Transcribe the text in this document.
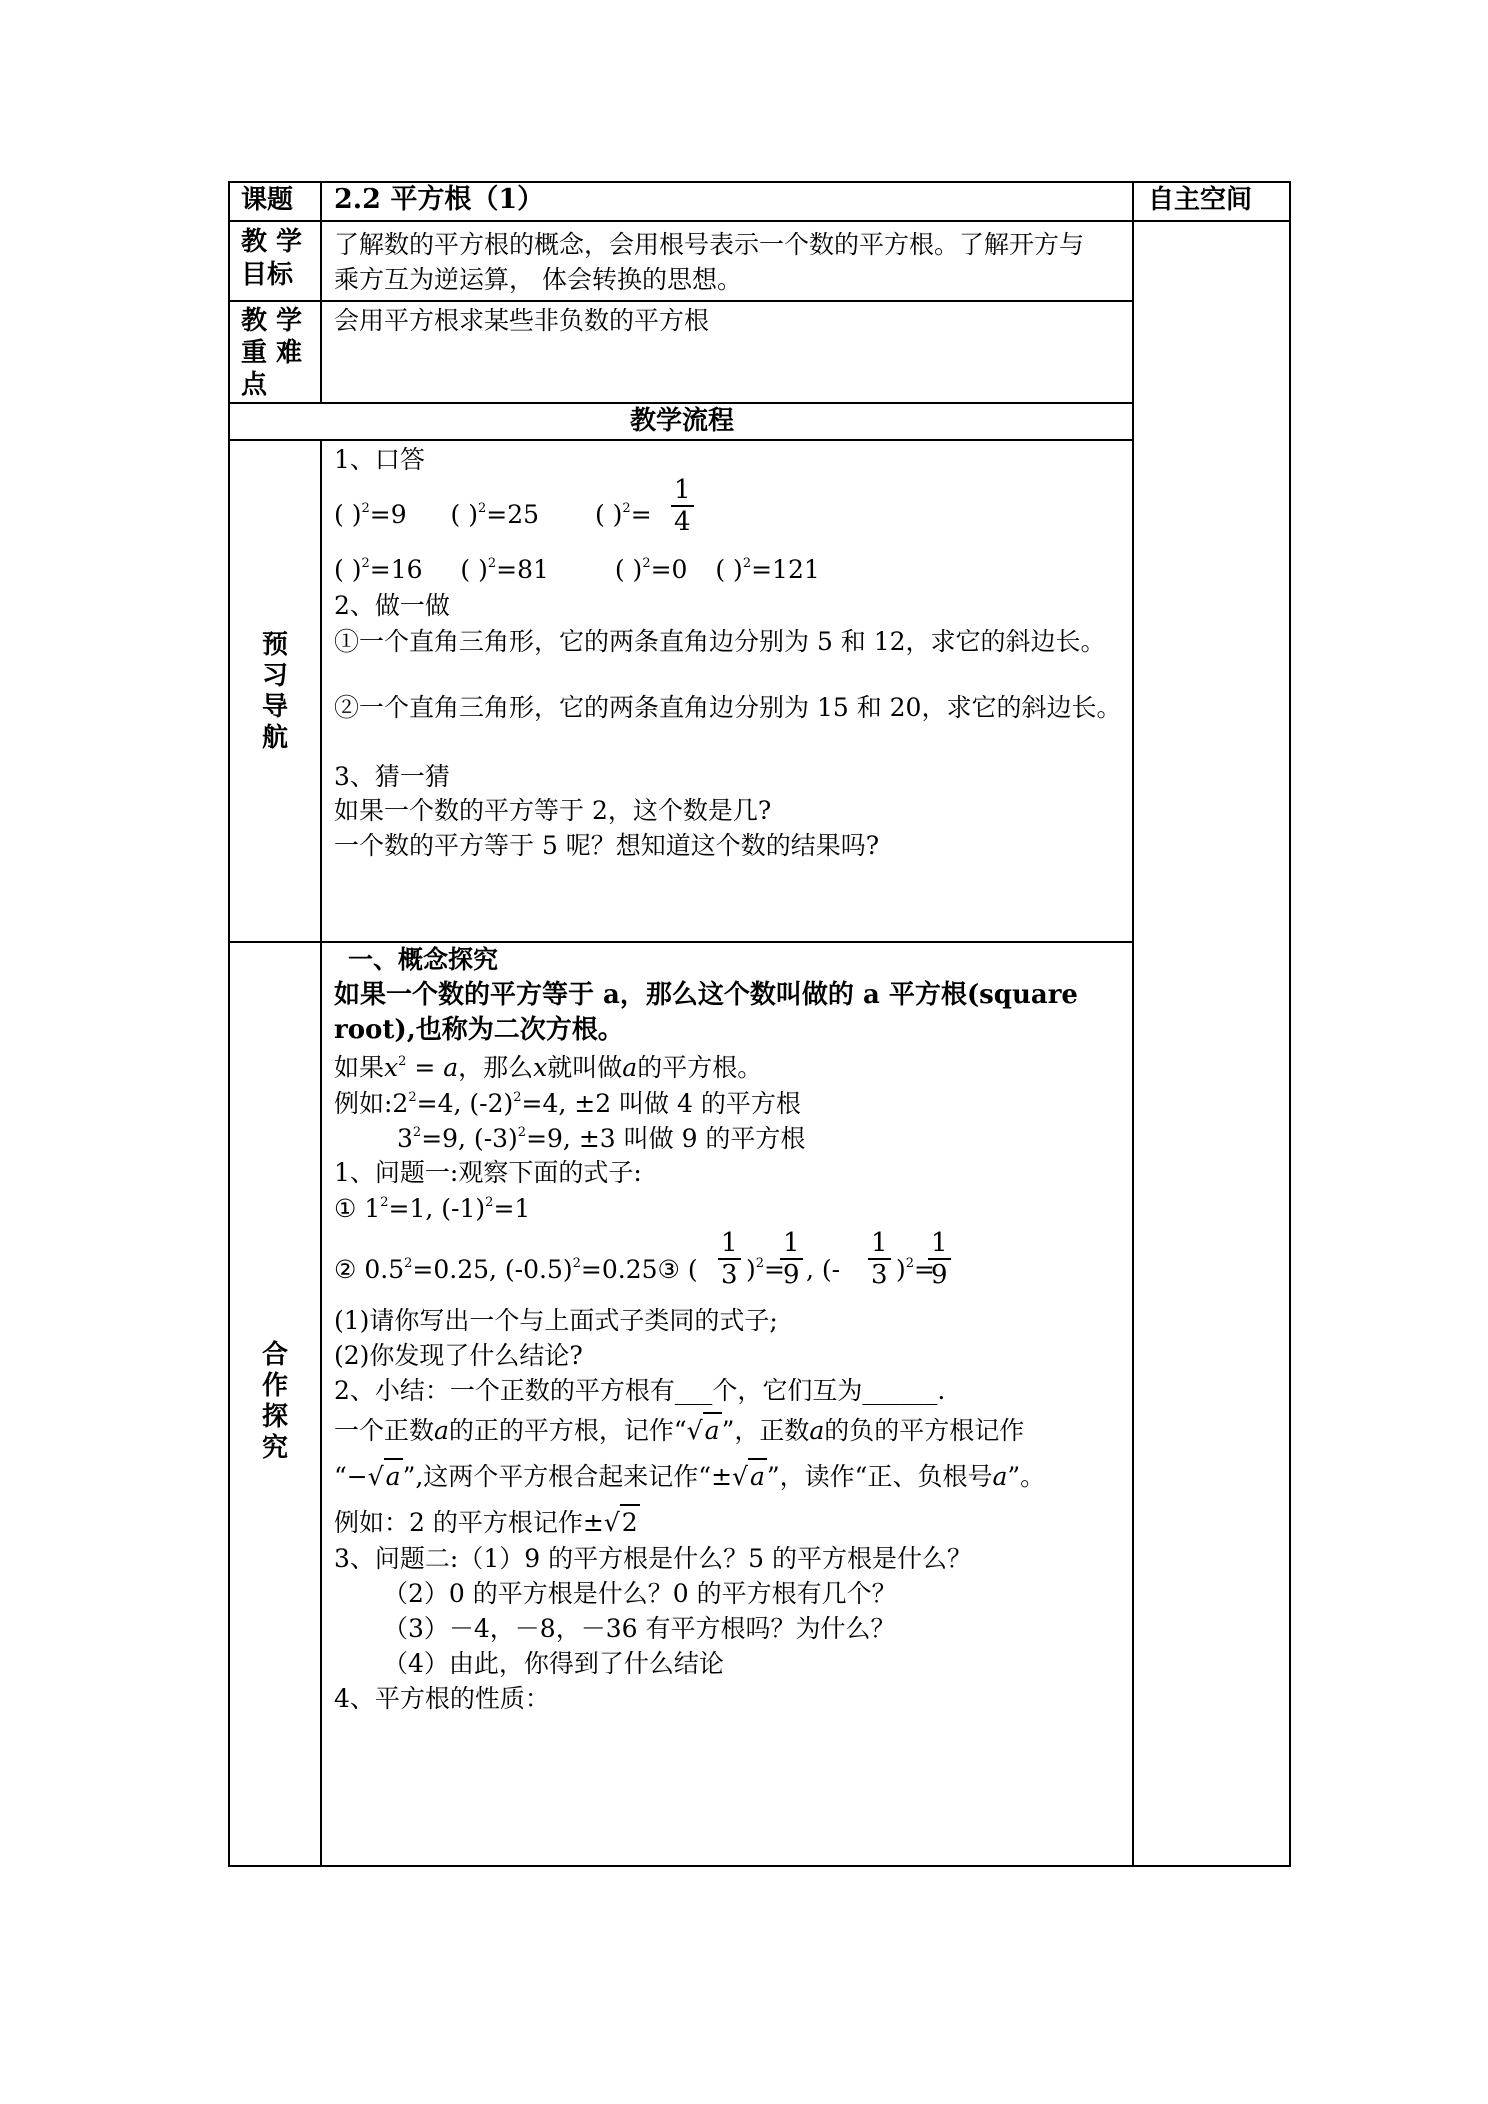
课题 2.2 平方根（1）	自主空间
教 学
目标
了解数的平方根的概念，会用根号表示一个数的平方根。了解开方与
乘方互为逆运算， 体会转换的思想。
教 学
重 难
点
会用平方根求某些非负数的平方根
教学流程
预习导航
1、口答
( )$^2$=9 ( )$^2$=25 ( )$^2= \frac{1}{4}$
( )$^2$=16 ( )$^2$=81	( )$^2$=0 ( )$^2$=121
2、做一做
①一个直角三角形，它的两条直角边分别为 5 和 12，求它的斜边长。
②一个直角三角形，它的两条直角边分别为 15 和 20，求它的斜边长。
3、猜一猜
如果一个数的平方等于 2，这个数是几?
一个数的平方等于 5 呢？想知道这个数的结果吗?
合作探究
一、概念探究
如果一个数的平方等于 a，那么这个数叫做的 a 平方根(square
root),也称为二次方根。
如果$x^2 = a$，那么x就叫做a的平方根。
例如$:2^2=4$, $(-2)^2=4$, ±2 叫做 4 的平方根
$3^2=9$, $(-3)^2=9$, ±3 叫做 9 的平方根
1、问题一:观察下面的式子:
① $1^2=1$, $(-1)^2=1$
② $0.5^2=0.25$, $(-0.5)^2=0.25③$ ( $\frac{1}{3} )^2=$
$\frac{1}{9}$ , (- $\frac{1}{3} )^2=$
$\frac{1}{9}$
(1)请你写出一个与上面式子类同的式子;
(2)你发现了什么结论?
2、小结：一个正数的平方根有___个，它们互为______.
一个正数a的正的平方根，记作“√a”，正数a的负的平方根记作
“−√a”,这两个平方根合起来记作“±√a”，读作“正、负根号a”。
例如：2 的平方根记作±√2
3、问题二:（1）9 的平方根是什么？5 的平方根是什么？
（2）0 的平方根是什么？0 的平方根有几个？
（3）－4，－8，－36 有平方根吗？为什么？
（4）由此，你得到了什么结论
4、平方根的性质：
